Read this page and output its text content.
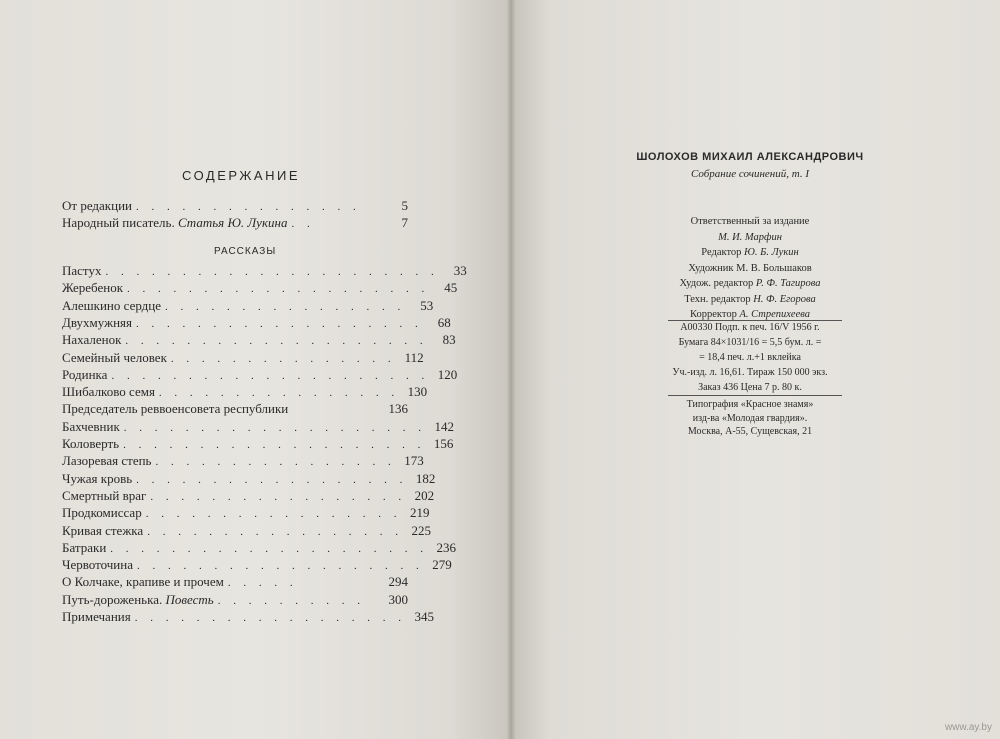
СОДЕРЖАНИЕ
От редакции . . . . . . . . . . . . . . .	5
Народный писатель. Статья Ю. Лукина . .	7
Пастух . . . . . . . . . . . . . . . . . . . . . .	33
Жеребенок . . . . . . . . . . . . . . . . . . . .	45
Алешкино сердце . . . . . . . . . . . . . . . .	53
Двухмужняя . . . . . . . . . . . . . . . . . . .	68
Нахаленок . . . . . . . . . . . . . . . . . . . .	83
Семейный человек . . . . . . . . . . . . . . . 112
Родинка . . . . . . . . . . . . . . . . . . . . . 120
Шибалково семя . . . . . . . . . . . . . . . . 130
Председатель реввоенсовета республики	136
Бахчевник . . . . . . . . . . . . . . . . . . . . 142
Коловерть . . . . . . . . . . . . . . . . . . . . 156
Лазоревая степь . . . . . . . . . . . . . . . . 173
Чужая кровь . . . . . . . . . . . . . . . . . . 182
Смертный враг . . . . . . . . . . . . . . . . . 202
Продкомиссар . . . . . . . . . . . . . . . . . 219
Кривая стежка . . . . . . . . . . . . . . . . . 225
Батраки . . . . . . . . . . . . . . . . . . . . . 236
Червоточина . . . . . . . . . . . . . . . . . . . 279
О Колчаке, крапиве и прочем . . . . .	294
Путь-дороженька. Повесть . . . . . . . . . .	300
Примечания . . . . . . . . . . . . . . . . . . 345
РАССКАЗЫ
ШОЛОХОВ МИХАИЛ АЛЕКСАНДРОВИЧ
Собрание сочинений, т. I
Ответственный за издание
М. И. Марфин
Редактор Ю. Б. Лукин
Художник М. В. Большаков
Худож. редактор Р. Ф. Тагирова
Техн. редактор Н. Ф. Егорова
Корректор А. Стрепихеева
А00330 Подп. к печ. 16/V 1956 г.
Бумага 84×1031/16 = 5,5 бум. л. =
= 18,4 печ. л.+1 вклейка
Уч.-изд. л. 16,61. Тираж 150 000 экз.
Заказ 436 Цена 7 р. 80 к.
Типография «Красное знамя»
изд-ва «Молодая гвардия».
Москва, А-55, Сущевская, 21
www.ay.by
